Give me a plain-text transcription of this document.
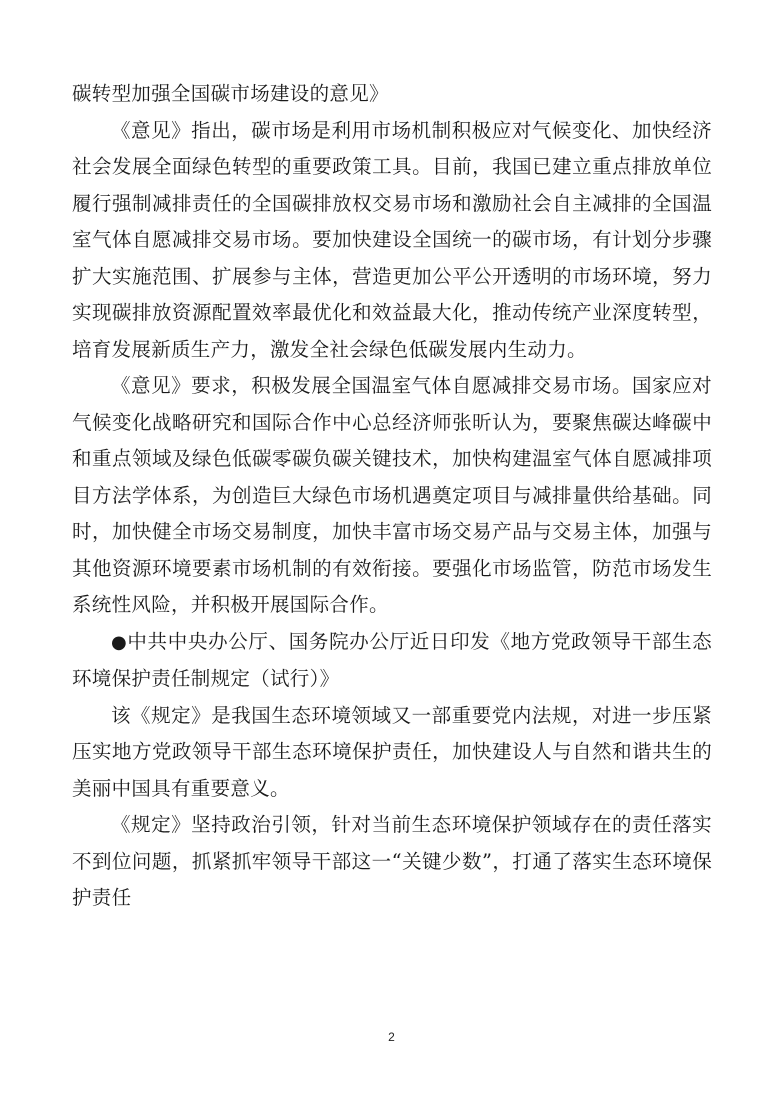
碳转型加强全国碳市场建设的意见》

《意见》指出，碳市场是利用市场机制积极应对气候变化、加快经济社会发展全面绿色转型的重要政策工具。目前，我国已建立重点排放单位履行强制减排责任的全国碳排放权交易市场和激励社会自主减排的全国温室气体自愿减排交易市场。要加快建设全国统一的碳市场，有计划分步骤扩大实施范围、扩展参与主体，营造更加公平公开透明的市场环境，努力实现碳排放资源配置效率最优化和效益最大化，推动传统产业深度转型，培育发展新质生产力，激发全社会绿色低碳发展内生动力。

《意见》要求，积极发展全国温室气体自愿减排交易市场。国家应对气候变化战略研究和国际合作中心总经济师张昕认为，要聚焦碳达峰碳中和重点领域及绿色低碳零碳负碳关键技术，加快构建温室气体自愿减排项目方法学体系，为创造巨大绿色市场机遇奠定项目与减排量供给基础。同时，加快健全市场交易制度，加快丰富市场交易产品与交易主体，加强与其他资源环境要素市场机制的有效衔接。要强化市场监管，防范市场发生系统性风险，并积极开展国际合作。

●中共中央办公厅、国务院办公厅近日印发《地方党政领导干部生态环境保护责任制规定（试行）》

该《规定》是我国生态环境领域又一部重要党内法规，对进一步压紧压实地方党政领导干部生态环境保护责任，加快建设人与自然和谐共生的美丽中国具有重要意义。

《规定》坚持政治引领，针对当前生态环境保护领域存在的责任落实不到位问题，抓紧抓牢领导干部这一“关键少数”，打通了落实生态环境保护责任

2
